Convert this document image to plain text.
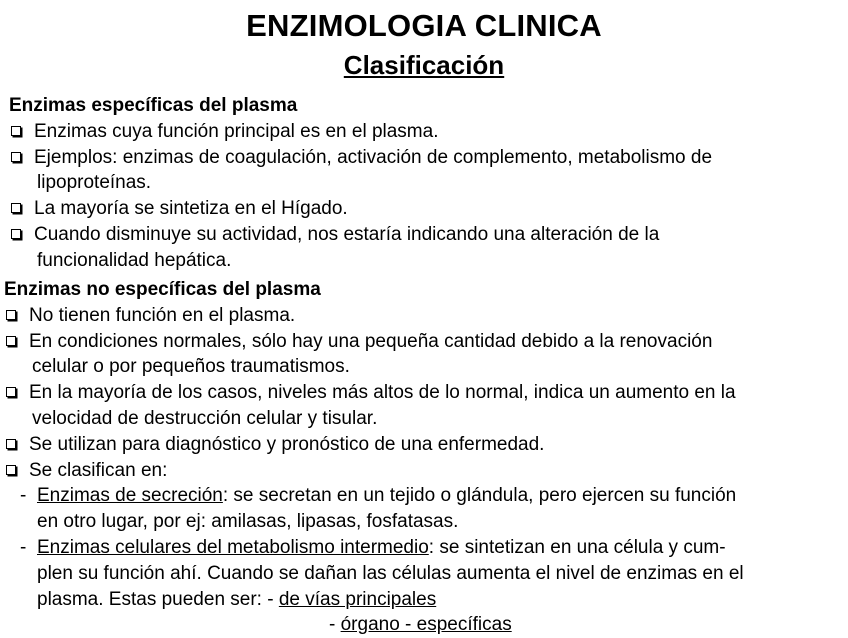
ENZIMOLOGIA CLINICA
Clasificación
Enzimas específicas del plasma
Enzimas cuya función principal es en el plasma.
Ejemplos: enzimas de coagulación, activación de complemento, metabolismo de
lipoproteínas.
La mayoría se sintetiza en el Hígado.
Cuando disminuye su actividad, nos estaría indicando una alteración de la
funcionalidad hepática.
Enzimas no específicas del plasma
No tienen función en el plasma.
En condiciones normales, sólo hay una pequeña cantidad debido a la renovación
celular o por pequeños traumatismos.
En la mayoría de los casos, niveles más altos de lo normal, indica un aumento en la
velocidad de destrucción celular y tisular.
Se utilizan para diagnóstico y pronóstico de una enfermedad.
Se clasifican en:
- Enzimas de secreción: se secretan en un tejido o glándula, pero ejercen su función
en otro lugar, por ej: amilasas, lipasas, fosfatasas.
- Enzimas celulares del metabolismo intermedio: se sintetizan en una célula y cum-
plen su función ahí. Cuando se dañan las células aumenta el nivel de enzimas en el
plasma. Estas pueden ser: - de vías principales
- órgano - específicas
